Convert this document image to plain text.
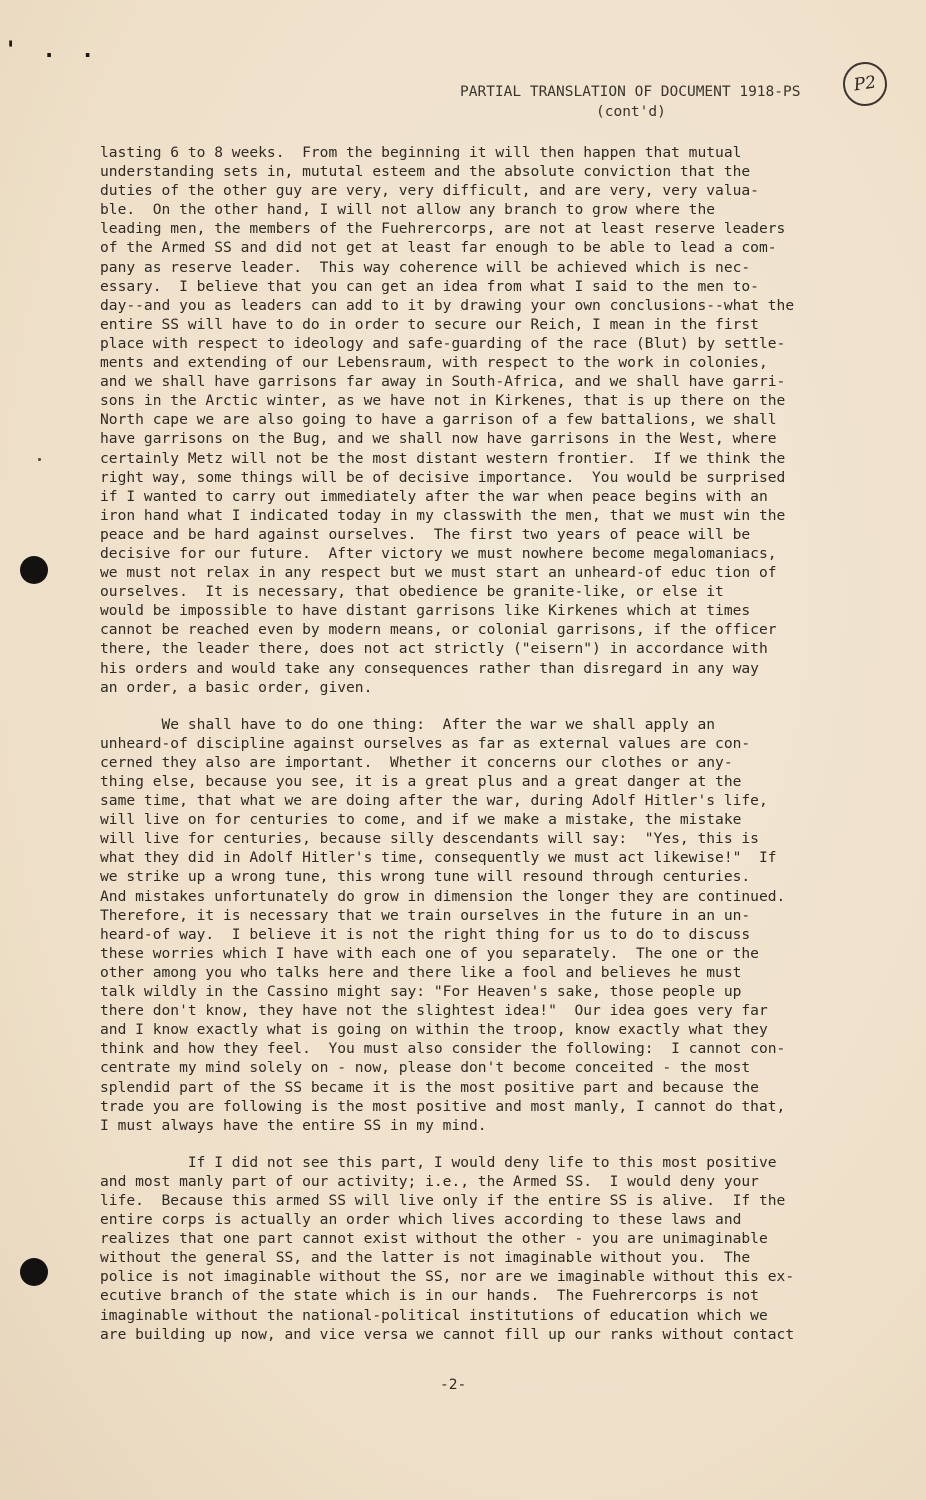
' . .
PARTIAL TRANSLATION OF DOCUMENT 1918-PS
(cont'd)
P2
lasting 6 to 8 weeks.  From the beginning it will then happen that mutual
understanding sets in, mututal esteem and the absolute conviction that the
duties of the other guy are very, very difficult, and are very, very valua-
ble.  On the other hand, I will not allow any branch to grow where the
leading men, the members of the Fuehrercorps, are not at least reserve leaders
of the Armed SS and did not get at least far enough to be able to lead a com-
pany as reserve leader.  This way coherence will be achieved which is nec-
essary.  I believe that you can get an idea from what I said to the men to-
day--and you as leaders can add to it by drawing your own conclusions--what the
entire SS will have to do in order to secure our Reich, I mean in the first
place with respect to ideology and safe-guarding of the race (Blut) by settle-
ments and extending of our Lebensraum, with respect to the work in colonies,
and we shall have garrisons far away in South-Africa, and we shall have garri-
sons in the Arctic winter, as we have not in Kirkenes, that is up there on the
North cape we are also going to have a garrison of a few battalions, we shall
have garrisons on the Bug, and we shall now have garrisons in the West, where
certainly Metz will not be the most distant western frontier.  If we think the
right way, some things will be of decisive importance.  You would be surprised
if I wanted to carry out immediately after the war when peace begins with an
iron hand what I indicated today in my classwith the men, that we must win the
peace and be hard against ourselves.  The first two years of peace will be
decisive for our future.  After victory we must nowhere become megalomaniacs,
we must not relax in any respect but we must start an unheard-of educ tion of
ourselves.  It is necessary, that obedience be granite-like, or else it
would be impossible to have distant garrisons like Kirkenes which at times
cannot be reached even by modern means, or colonial garrisons, if the officer
there, the leader there, does not act strictly ("eisern") in accordance with
his orders and would take any consequences rather than disregard in any way
an order, a basic order, given.
We shall have to do one thing:  After the war we shall apply an
unheard-of discipline against ourselves as far as external values are con-
cerned they also are important.  Whether it concerns our clothes or any-
thing else, because you see, it is a great plus and a great danger at the
same time, that what we are doing after the war, during Adolf Hitler's life,
will live on for centuries to come, and if we make a mistake, the mistake
will live for centuries, because silly descendants will say:  "Yes, this is
what they did in Adolf Hitler's time, consequently we must act likewise!"  If
we strike up a wrong tune, this wrong tune will resound through centuries.
And mistakes unfortunately do grow in dimension the longer they are continued.
Therefore, it is necessary that we train ourselves in the future in an un-
heard-of way.  I believe it is not the right thing for us to do to discuss
these worries which I have with each one of you separately.  The one or the
other among you who talks here and there like a fool and believes he must
talk wildly in the Cassino might say: "For Heaven's sake, those people up
there don't know, they have not the slightest idea!"  Our idea goes very far
and I know exactly what is going on within the troop, know exactly what they
think and how they feel.  You must also consider the following:  I cannot con-
centrate my mind solely on - now, please don't become conceited - the most
splendid part of the SS became it is the most positive part and because the
trade you are following is the most positive and most manly, I cannot do that,
I must always have the entire SS in my mind.
If I did not see this part, I would deny life to this most positive
and most manly part of our activity; i.e., the Armed SS.  I would deny your
life.  Because this armed SS will live only if the entire SS is alive.  If the
entire corps is actually an order which lives according to these laws and
realizes that one part cannot exist without the other - you are unimaginable
without the general SS, and the latter is not imaginable without you.  The
police is not imaginable without the SS, nor are we imaginable without this ex-
ecutive branch of the state which is in our hands.  The Fuehrercorps is not
imaginable without the national-political institutions of education which we
are building up now, and vice versa we cannot fill up our ranks without contact
-2-
